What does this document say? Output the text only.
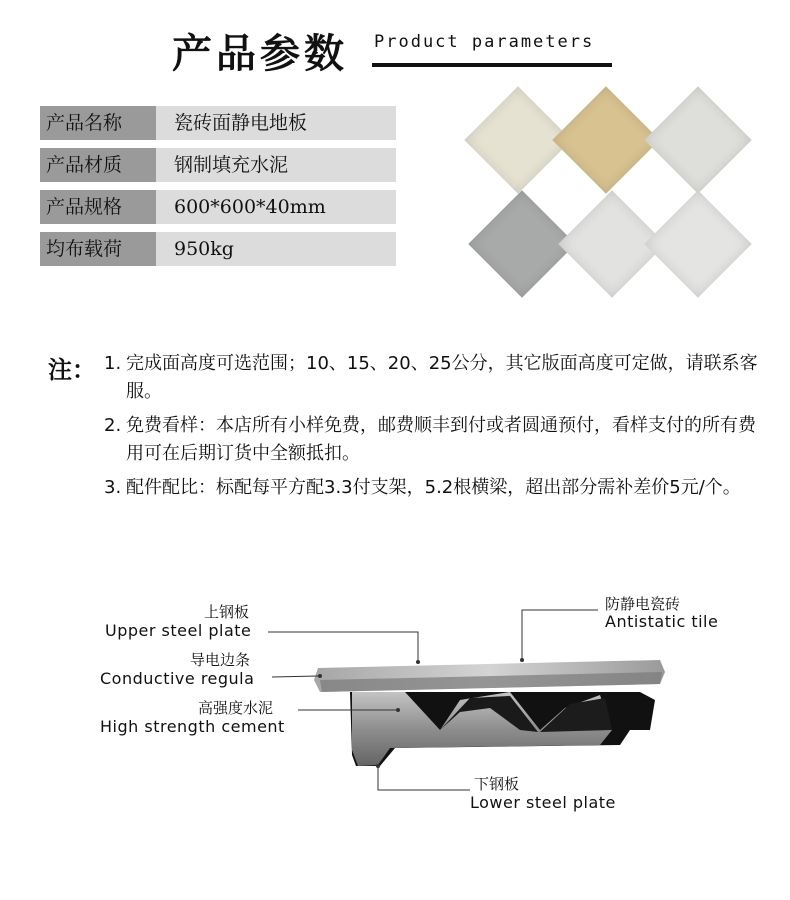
产品参数 Product parameters
产品名称	瓷砖面静电地板
产品材质	钢制填充水泥
产品规格	600*600*40mm
均布载荷	950kg
注： 1. 完成面高度可选范围；10、15、20、25公分，其它版面高度可定做，请联系客服。
2. 免费看样：本店所有小样免费，邮费顺丰到付或者圆通预付，看样支付的所有费用可在后期订货中全额抵扣。
3. 配件配比：标配每平方配3.3付支架，5.2根横梁，超出部分需补差价5元/个。
上钢板
Upper steel plate
导电边条
Conductive regula
高强度水泥
High strength cement
下钢板
Lower steel plate
防静电瓷砖
Antistatic tile
